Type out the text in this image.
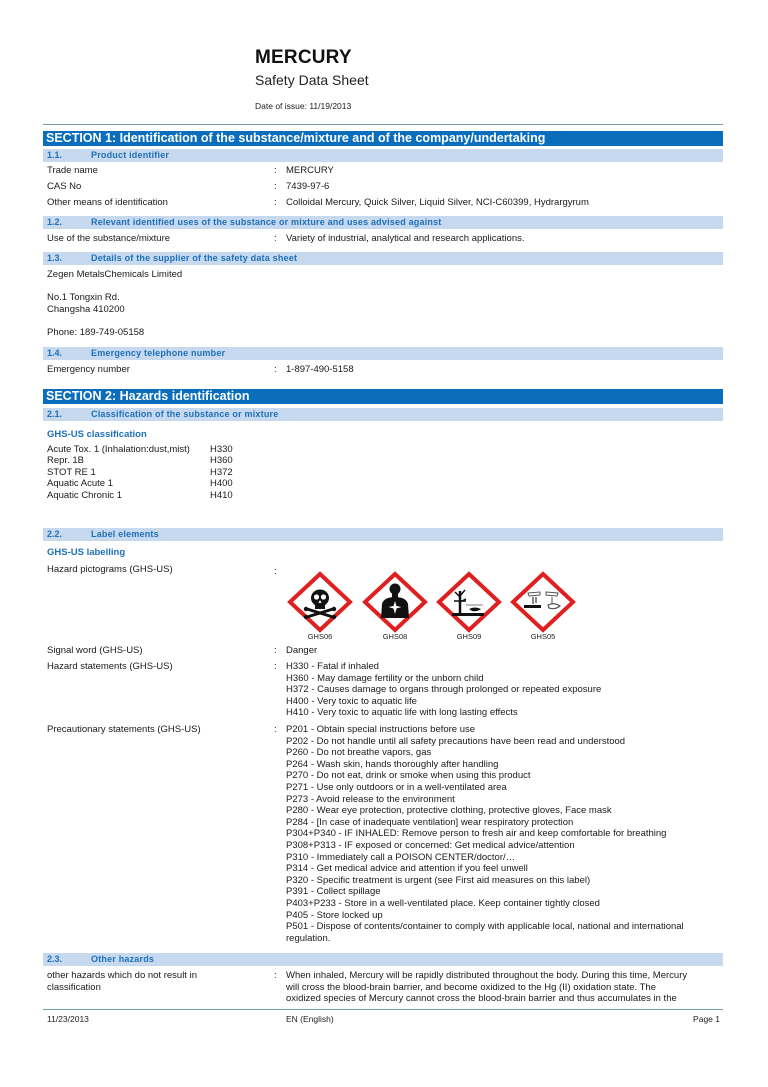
MERCURY
Safety Data Sheet
Date of issue: 11/19/2013
SECTION 1: Identification of the substance/mixture and of the company/undertaking
1.1.	Product identifier
Trade name	: MERCURY
CAS No	: 7439-97-6
Other means of identification	: Colloidal Mercury, Quick Silver, Liquid Silver, NCI-C60399, Hydrargyrum
1.2.	Relevant identified uses of the substance or mixture and uses advised against
Use of the substance/mixture	: Variety of industrial, analytical and research applications.
1.3.	Details of the supplier of the safety data sheet
Zegen MetalsChemicals Limited
No.1 Tongxin Rd.
Changsha 410200
Phone: 189-749-05158
1.4.	Emergency telephone number
Emergency number	: 1-897-490-5158
SECTION 2: Hazards identification
2.1.	Classification of the substance or mixture
GHS-US classification
Acute Tox. 1 (Inhalation:dust,mist) H330
Repr. 1B	H360
STOT RE 1	H372
Aquatic Acute 1	H400
Aquatic Chronic 1	H410
2.2.	Label elements
GHS-US labelling
Hazard pictograms (GHS-US)	:
GHS06	GHS08	GHS09	GHS05
Signal word (GHS-US)	: Danger
Hazard statements (GHS-US)	: H330 - Fatal if inhaled
H360 - May damage fertility or the unborn child
H372 - Causes damage to organs through prolonged or repeated exposure
H400 - Very toxic to aquatic life
H410 - Very toxic to aquatic life with long lasting effects
Precautionary statements (GHS-US)	: P201 - Obtain special instructions before use
P202 - Do not handle until all safety precautions have been read and understood
P260 - Do not breathe vapors, gas
P264 - Wash skin, hands thoroughly after handling
P270 - Do not eat, drink or smoke when using this product
P271 - Use only outdoors or in a well-ventilated area
P273 - Avoid release to the environment
P280 - Wear eye protection, protective clothing, protective gloves, Face mask
P284 - [In case of inadequate ventilation] wear respiratory protection
P304+P340 - IF INHALED: Remove person to fresh air and keep comfortable for breathing
P308+P313 - IF exposed or concerned: Get medical advice/attention
P310 - Immediately call a POISON CENTER/doctor/…
P314 - Get medical advice and attention if you feel unwell
P320 - Specific treatment is urgent (see First aid measures on this label)
P391 - Collect spillage
P403+P233 - Store in a well-ventilated place. Keep container tightly closed
P405 - Store locked up
P501 - Dispose of contents/container to comply with applicable local, national and international
regulation.
2.3.	Other hazards
other hazards which do not result in
classification
: When inhaled, Mercury will be rapidly distributed throughout the body. During this time, Mercury
will cross the blood-brain barrier, and become oxidized to the Hg (II) oxidation state. The
oxidized species of Mercury cannot cross the blood-brain barrier and thus accumulates in the
11/23/2013	EN (English)	Page 1
